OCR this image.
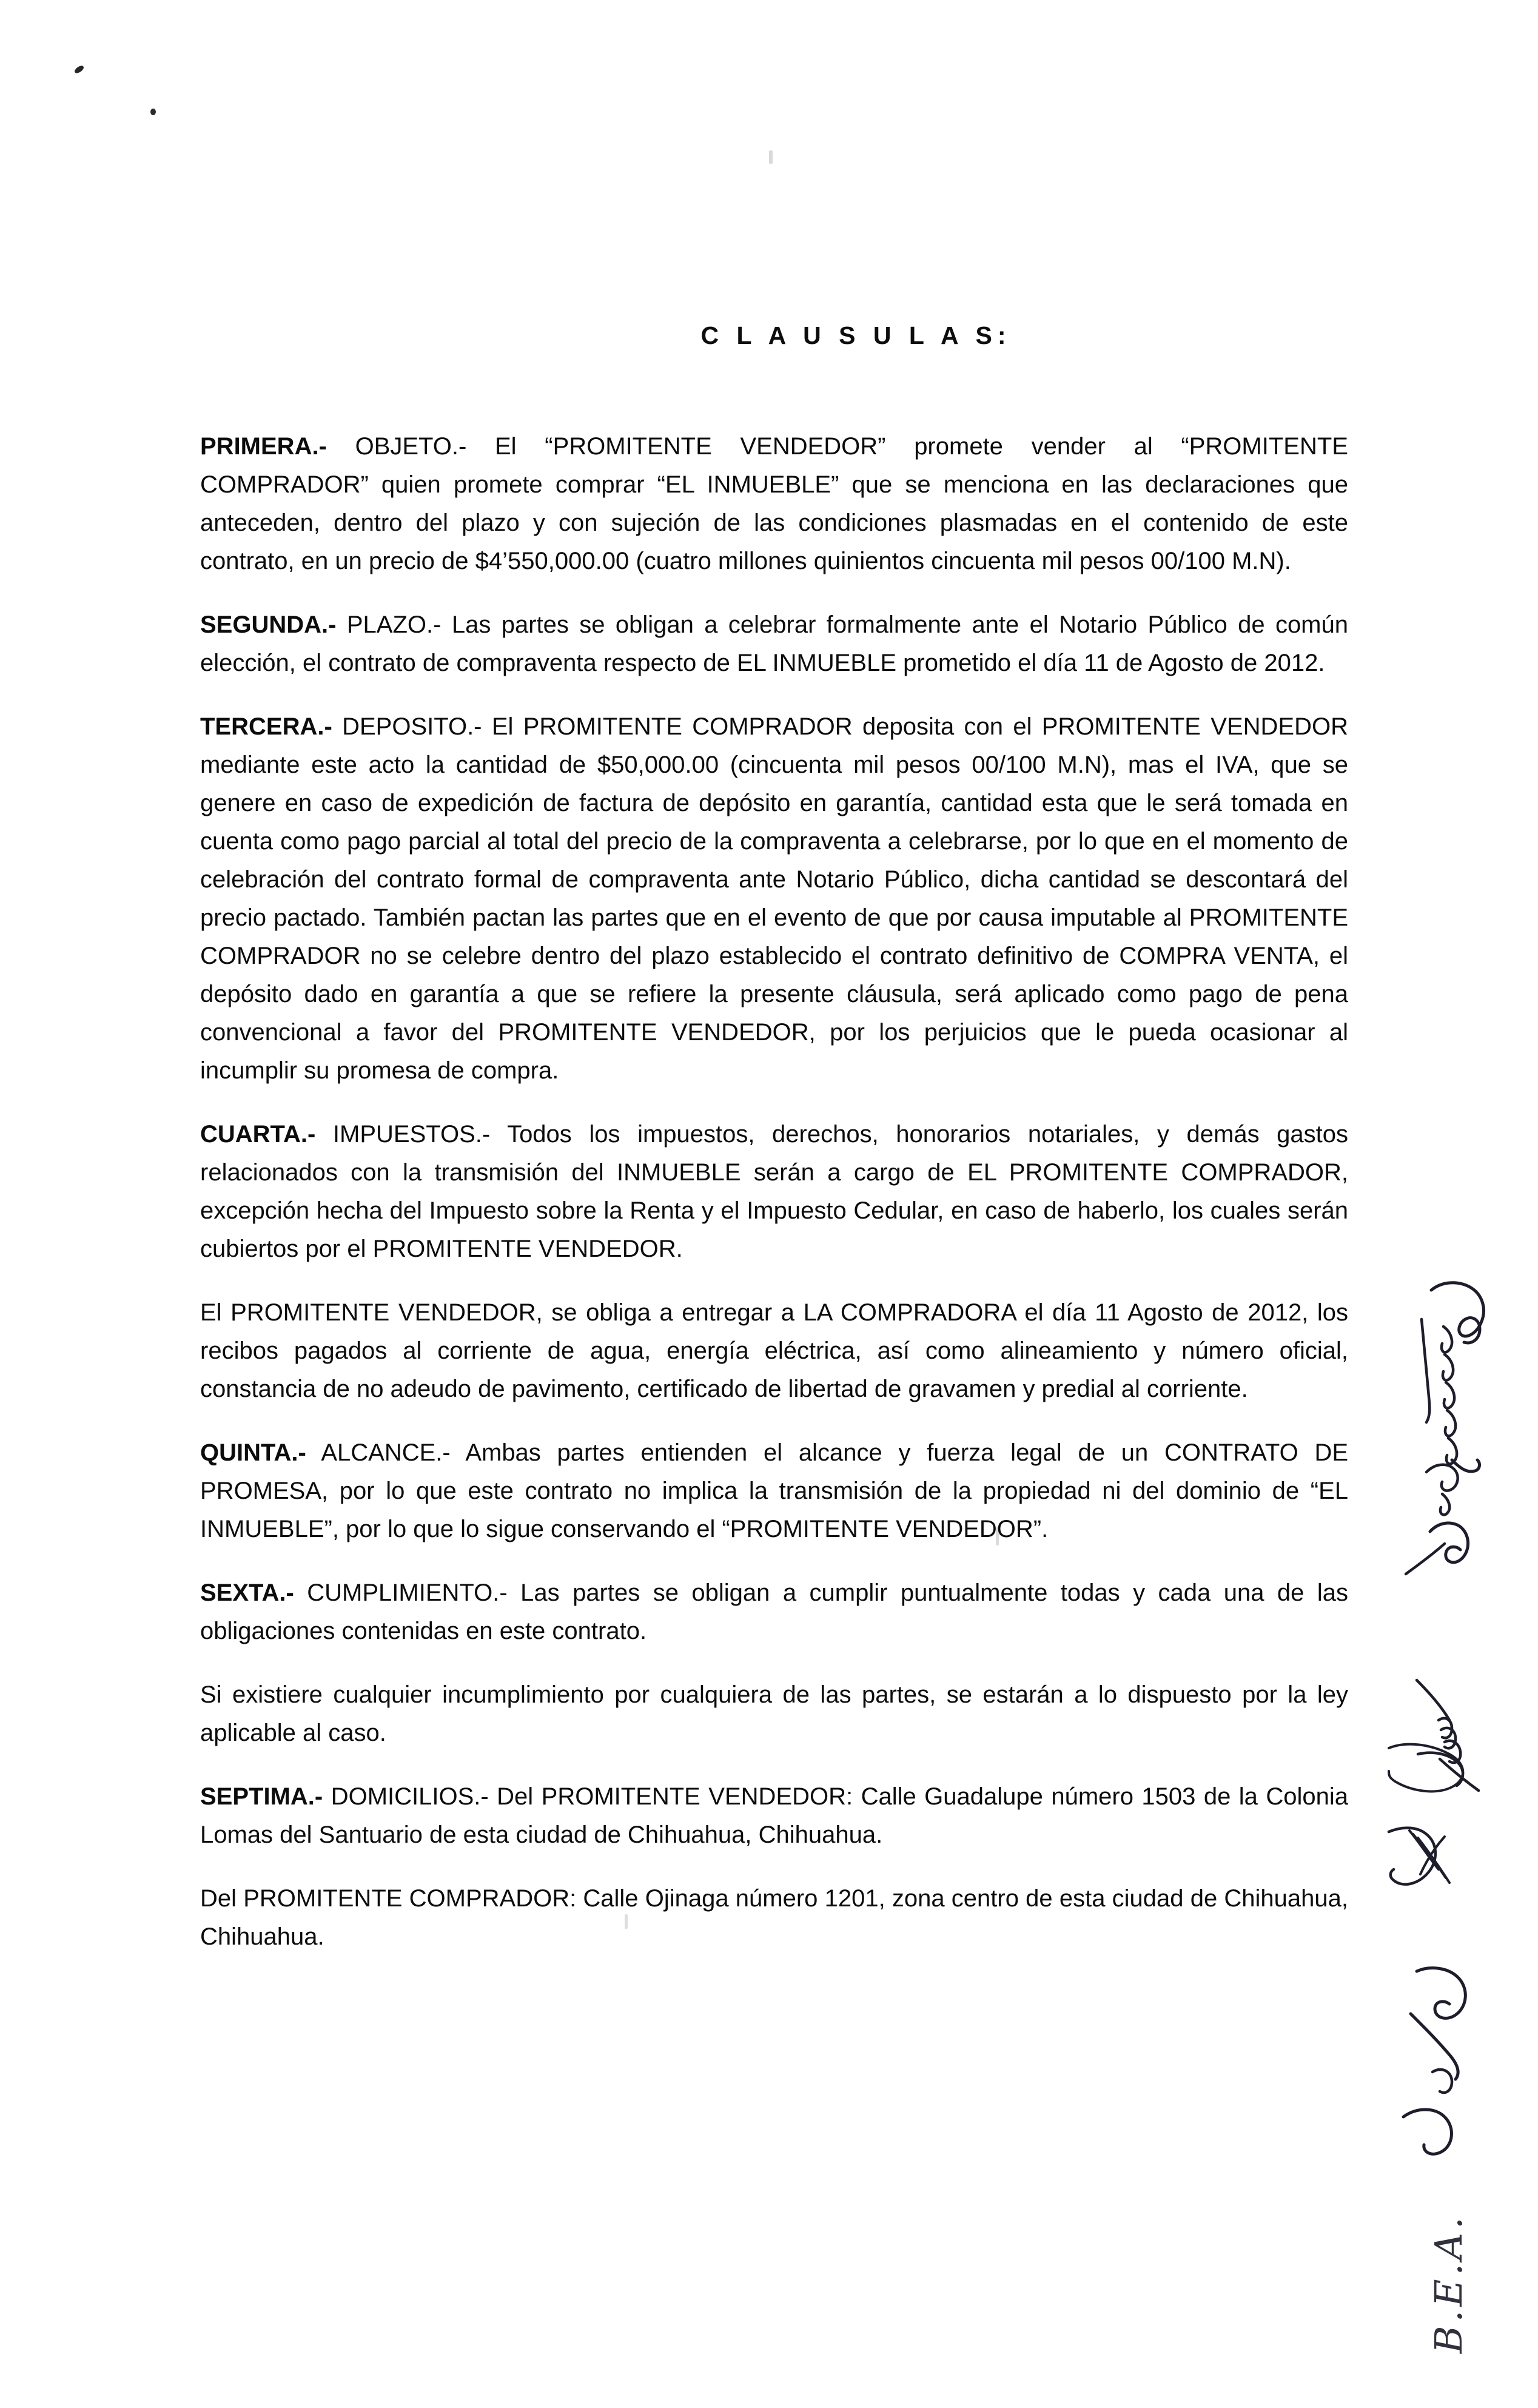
C L A U S U L A S:

PRIMERA.- OBJETO.- El “PROMITENTE VENDEDOR” promete vender al “PROMITENTE COMPRADOR” quien promete comprar “EL INMUEBLE” que se menciona en las declaraciones que anteceden, dentro del plazo y con sujeción de las condiciones plasmadas en el contenido de este contrato, en un precio de $4’550,000.00 (cuatro millones quinientos cincuenta mil pesos 00/100 M.N).

SEGUNDA.- PLAZO.- Las partes se obligan a celebrar formalmente ante el Notario Público de común elección, el contrato de compraventa respecto de EL INMUEBLE prometido el día 11 de Agosto de 2012.

TERCERA.- DEPOSITO.- El PROMITENTE COMPRADOR deposita con el PROMITENTE VENDEDOR mediante este acto la cantidad de $50,000.00 (cincuenta mil pesos 00/100 M.N), mas el IVA, que se genere en caso de expedición de factura de depósito en garantía, cantidad esta que le será tomada en cuenta como pago parcial al total del precio de la compraventa a celebrarse, por lo que en el momento de celebración del contrato formal de compraventa ante Notario Público, dicha cantidad se descontará del precio pactado. También pactan las partes que en el evento de que por causa imputable al PROMITENTE COMPRADOR no se celebre dentro del plazo establecido el contrato definitivo de COMPRA VENTA, el depósito dado en garantía a que se refiere la presente cláusula, será aplicado como pago de pena convencional a favor del PROMITENTE VENDEDOR, por los perjuicios que le pueda ocasionar al incumplir su promesa de compra.

CUARTA.- IMPUESTOS.- Todos los impuestos, derechos, honorarios notariales, y demás gastos relacionados con la transmisión del INMUEBLE serán a cargo de EL PROMITENTE COMPRADOR, excepción hecha del Impuesto sobre la Renta y el Impuesto Cedular, en caso de haberlo, los cuales serán cubiertos por el PROMITENTE VENDEDOR.

El PROMITENTE VENDEDOR, se obliga a entregar a LA COMPRADORA el día 11 Agosto de 2012, los recibos pagados al corriente de agua, energía eléctrica, así como alineamiento y número oficial, constancia de no adeudo de pavimento, certificado de libertad de gravamen y predial al corriente.

QUINTA.- ALCANCE.- Ambas partes entienden el alcance y fuerza legal de un CONTRATO DE PROMESA, por lo que este contrato no implica la transmisión de la propiedad ni del dominio de “EL INMUEBLE”, por lo que lo sigue conservando el “PROMITENTE VENDEDOR”.

SEXTA.- CUMPLIMIENTO.- Las partes se obligan a cumplir puntualmente todas y cada una de las obligaciones contenidas en este contrato.

Si existiere cualquier incumplimiento por cualquiera de las partes, se estarán a lo dispuesto por la ley aplicable al caso.

SEPTIMA.- DOMICILIOS.- Del PROMITENTE VENDEDOR: Calle Guadalupe número 1503 de la Colonia Lomas del Santuario de esta ciudad de Chihuahua, Chihuahua.

Del PROMITENTE COMPRADOR: Calle Ojinaga número 1201, zona centro de esta ciudad de Chihuahua, Chihuahua.

B.E.A.
